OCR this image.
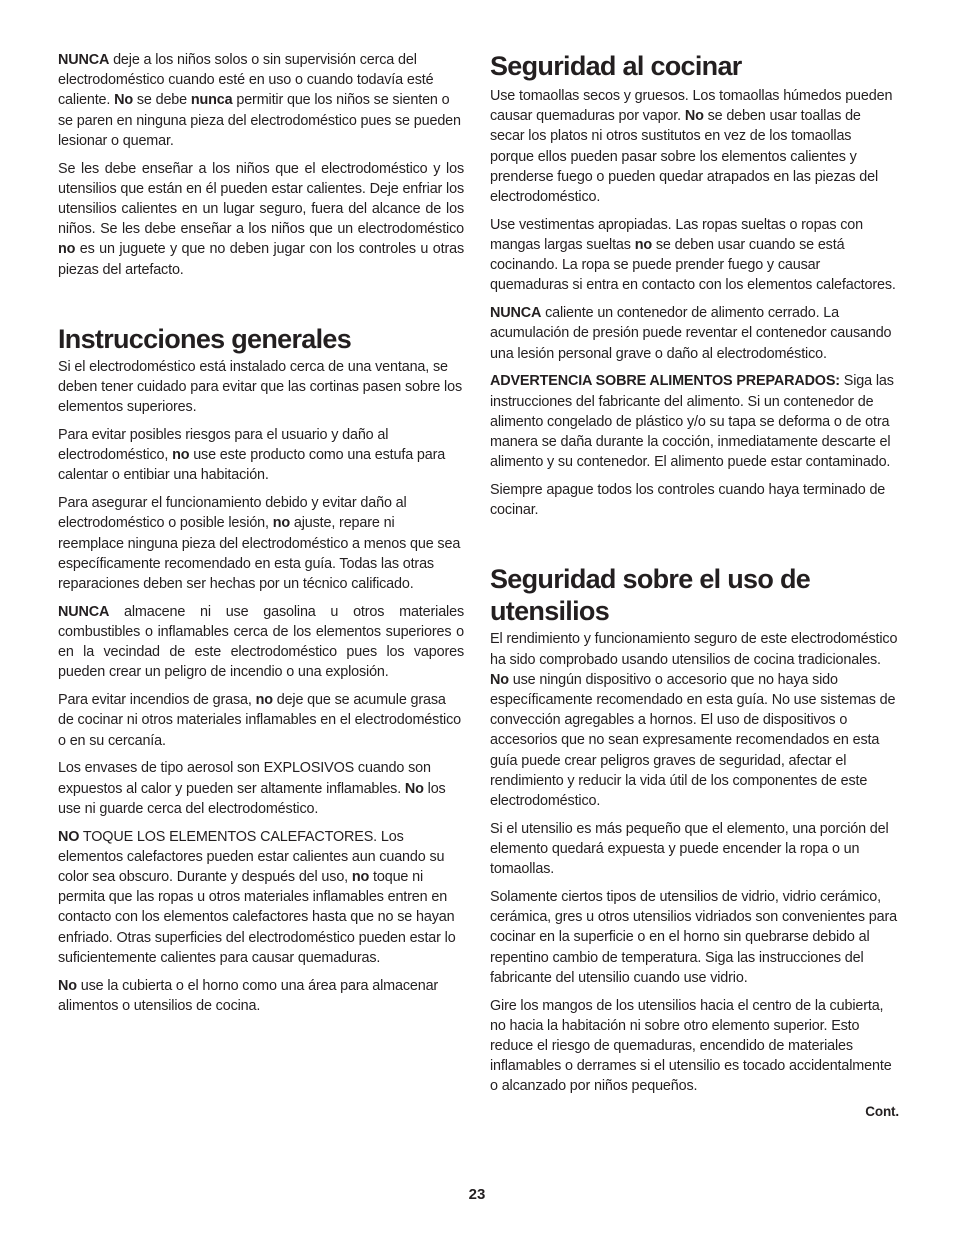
NUNCA deje a los niños solos o sin supervisión cerca del electrodoméstico cuando esté en uso o cuando todavía esté caliente. No se debe nunca permitir que los niños se sienten o se paren en ninguna pieza del electrodoméstico pues se pueden lesionar o quemar.

Se les debe enseñar a los niños que el electrodoméstico y los utensilios que están en él pueden estar calientes. Deje enfriar los utensilios calientes en un lugar seguro, fuera del alcance de los niños. Se les debe enseñar a los niños que un electrodoméstico no es un juguete y que no deben jugar con los controles u otras piezas del artefacto.

Instrucciones generales

Si el electrodoméstico está instalado cerca de una ventana, se deben tener cuidado para evitar que las cortinas pasen sobre los elementos superiores.

Para evitar posibles riesgos para el usuario y daño al electrodoméstico, no use este producto como una estufa para calentar o entibiar una habitación.

Para asegurar el funcionamiento debido y evitar daño al electrodoméstico o posible lesión, no ajuste, repare ni reemplace ninguna pieza del electrodoméstico a menos que sea específicamente recomendado en esta guía. Todas las otras reparaciones deben ser hechas por un técnico calificado.

NUNCA almacene ni use gasolina u otros materiales combustibles o inflamables cerca de los elementos superiores o en la vecindad de este electrodoméstico pues los vapores pueden crear un peligro de incendio o una explosión.

Para evitar incendios de grasa, no deje que se acumule grasa de cocinar ni otros materiales inflamables en el electrodoméstico o en su cercanía.

Los envases de tipo aerosol son EXPLOSIVOS cuando son expuestos al calor y pueden ser altamente inflamables. No los use ni guarde cerca del electrodoméstico.

NO TOQUE LOS ELEMENTOS CALEFACTORES. Los elementos calefactores pueden estar calientes aun cuando su color sea obscuro. Durante y después del uso, no toque ni permita que las ropas u otros materiales inflamables entren en contacto con los elementos calefactores hasta que no se hayan enfriado. Otras superficies del electrodoméstico pueden estar lo suficientemente calientes para causar quemaduras.

No use la cubierta o el horno como una área para almacenar alimentos o utensilios de cocina.

Seguridad al cocinar

Use tomaollas secos y gruesos. Los tomaollas húmedos pueden causar quemaduras por vapor. No se deben usar toallas de secar los platos ni otros sustitutos en vez de los tomaollas porque ellos pueden pasar sobre los elementos calientes y prenderse fuego o pueden quedar atrapados en las piezas del electrodoméstico.

Use vestimentas apropiadas. Las ropas sueltas o ropas con mangas largas sueltas no se deben usar cuando se está cocinando. La ropa se puede prender fuego y causar quemaduras si entra en contacto con los elementos calefactores.

NUNCA caliente un contenedor de alimento cerrado. La acumulación de presión puede reventar el contenedor causando una lesión personal grave o daño al electrodoméstico.

ADVERTENCIA SOBRE ALIMENTOS PREPARADOS: Siga las instrucciones del fabricante del alimento. Si un contenedor de alimento congelado de plástico y/o su tapa se deforma o de otra manera se daña durante la cocción, inmediatamente descarte el alimento y su contenedor. El alimento puede estar contaminado.

Siempre apague todos los controles cuando haya terminado de cocinar.

Seguridad sobre el uso de utensilios

El rendimiento y funcionamiento seguro de este electrodoméstico ha sido comprobado usando utensilios de cocina tradicionales. No use ningún dispositivo o accesorio que no haya sido específicamente recomendado en esta guía. No use sistemas de convección agregables a hornos. El uso de dispositivos o accesorios que no sean expresamente recomendados en esta guía puede crear peligros graves de seguridad, afectar el rendimiento y reducir la vida útil de los componentes de este electrodoméstico.

Si el utensilio es más pequeño que el elemento, una porción del elemento quedará expuesta y puede encender la ropa o un tomaollas.

Solamente ciertos tipos de utensilios de vidrio, vidrio cerámico, cerámica, gres u otros utensilios vidriados son convenientes para cocinar en la superficie o en el horno sin quebrarse debido al repentino cambio de temperatura. Siga las instrucciones del fabricante del utensilio cuando use vidrio.

Gire los mangos de los utensilios hacia el centro de la cubierta, no hacia la habitación ni sobre otro elemento superior. Esto reduce el riesgo de quemaduras, encendido de materiales inflamables o derrames si el utensilio es tocado accidentalmente o alcanzado por niños pequeños.

Cont.
23
